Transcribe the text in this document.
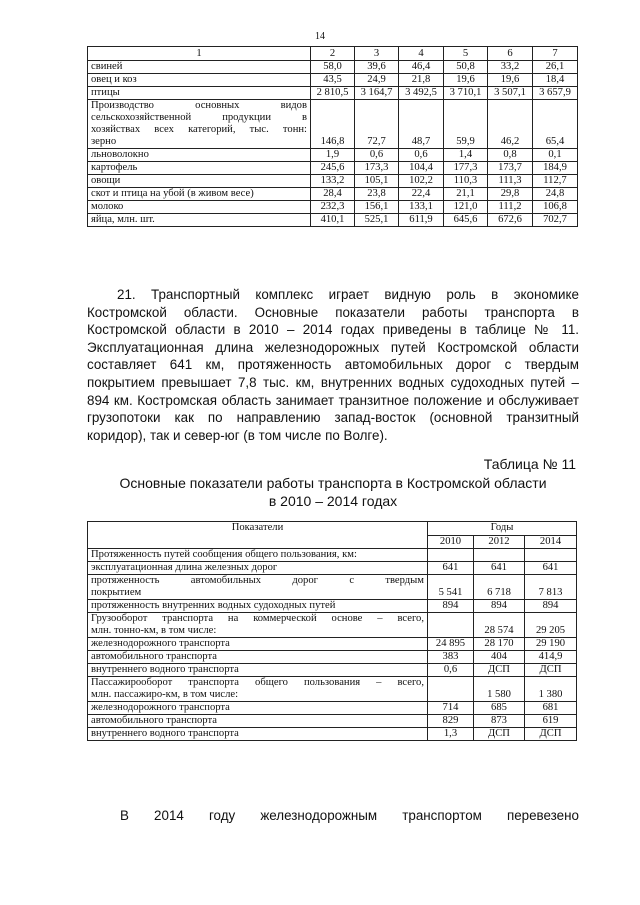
14
1	2	3	4	5	6	7
свиней	58,0	39,6	46,4	50,8	33,2	26,1
овец и коз	43,5	24,9	21,8	19,6	19,6	18,4
птицы	2 810,5	3 164,7	3 492,5	3 710,1	3 507,1	3 657,9

Производство основных видов
сельскохозяйственной продукции в
хозяйствах всех категорий, тыс. тонн:
зерно	146,8	72,7	48,7	59,9	46,2	65,4
льноволокно	1,9	0,6	0,6	1,4	0,8	0,1
картофель	245,6	173,3	104,4	177,3	173,7	184,9
овощи	133,2	105,1	102,2	110,3	111,3	112,7
скот и птица на убой (в живом весе)	28,4	23,8	22,4	21,1	29,8	24,8
молоко	232,3	156,1	133,1	121,0	111,2	106,8
яйца, млн. шт.	410,1	525,1	611,9	645,6	672,6	702,7
21. Транспортный комплекс играет видную роль в экономике Костромской области. Основные показатели работы транспорта в Костромской области в 2010 – 2014 годах приведены в таблице № 11. Эксплуатационная длина железнодорожных путей Костромской области составляет 641 км, протяженность автомобильных дорог с твердым покрытием превышает 7,8 тыс. км, внутренних водных судоходных путей – 894 км. Костромская область занимает транзитное положение и обслуживает грузопотоки как по направлению запад-восток (основной транзитный коридор), так и север-юг (в том числе по Волге).
Таблица № 11
Основные показатели работы транспорта в Костромской области
в 2010 – 2014 годах
Показатели	Годы		
	2010	2012	2014
Протяженность путей сообщения общего пользования, км:			
эксплуатационная длина железных дорог	641	641	641

протяженность автомобильных дорог с твердым
покрытием	5 541	6 718	7 813
протяженность внутренних водных судоходных путей	894	894	894

Грузооборот транспорта на коммерческой основе – всего,
млн. тонно-км, в том числе:		28 574	29 205
железнодорожного транспорта	24 895	28 170	29 190
автомобильного транспорта	383	404	414,9
внутреннего водного транспорта	0,6	ДСП	ДСП

Пассажирооборот транспорта общего пользования – всего,
млн. пассажиро-км, в том числе:		1 580	1 380
железнодорожного транспорта	714	685	681
автомобильного транспорта	829	873	619
внутреннего водного транспорта	1,3	ДСП	ДСП
В 2014 году железнодорожным транспортом перевезено
